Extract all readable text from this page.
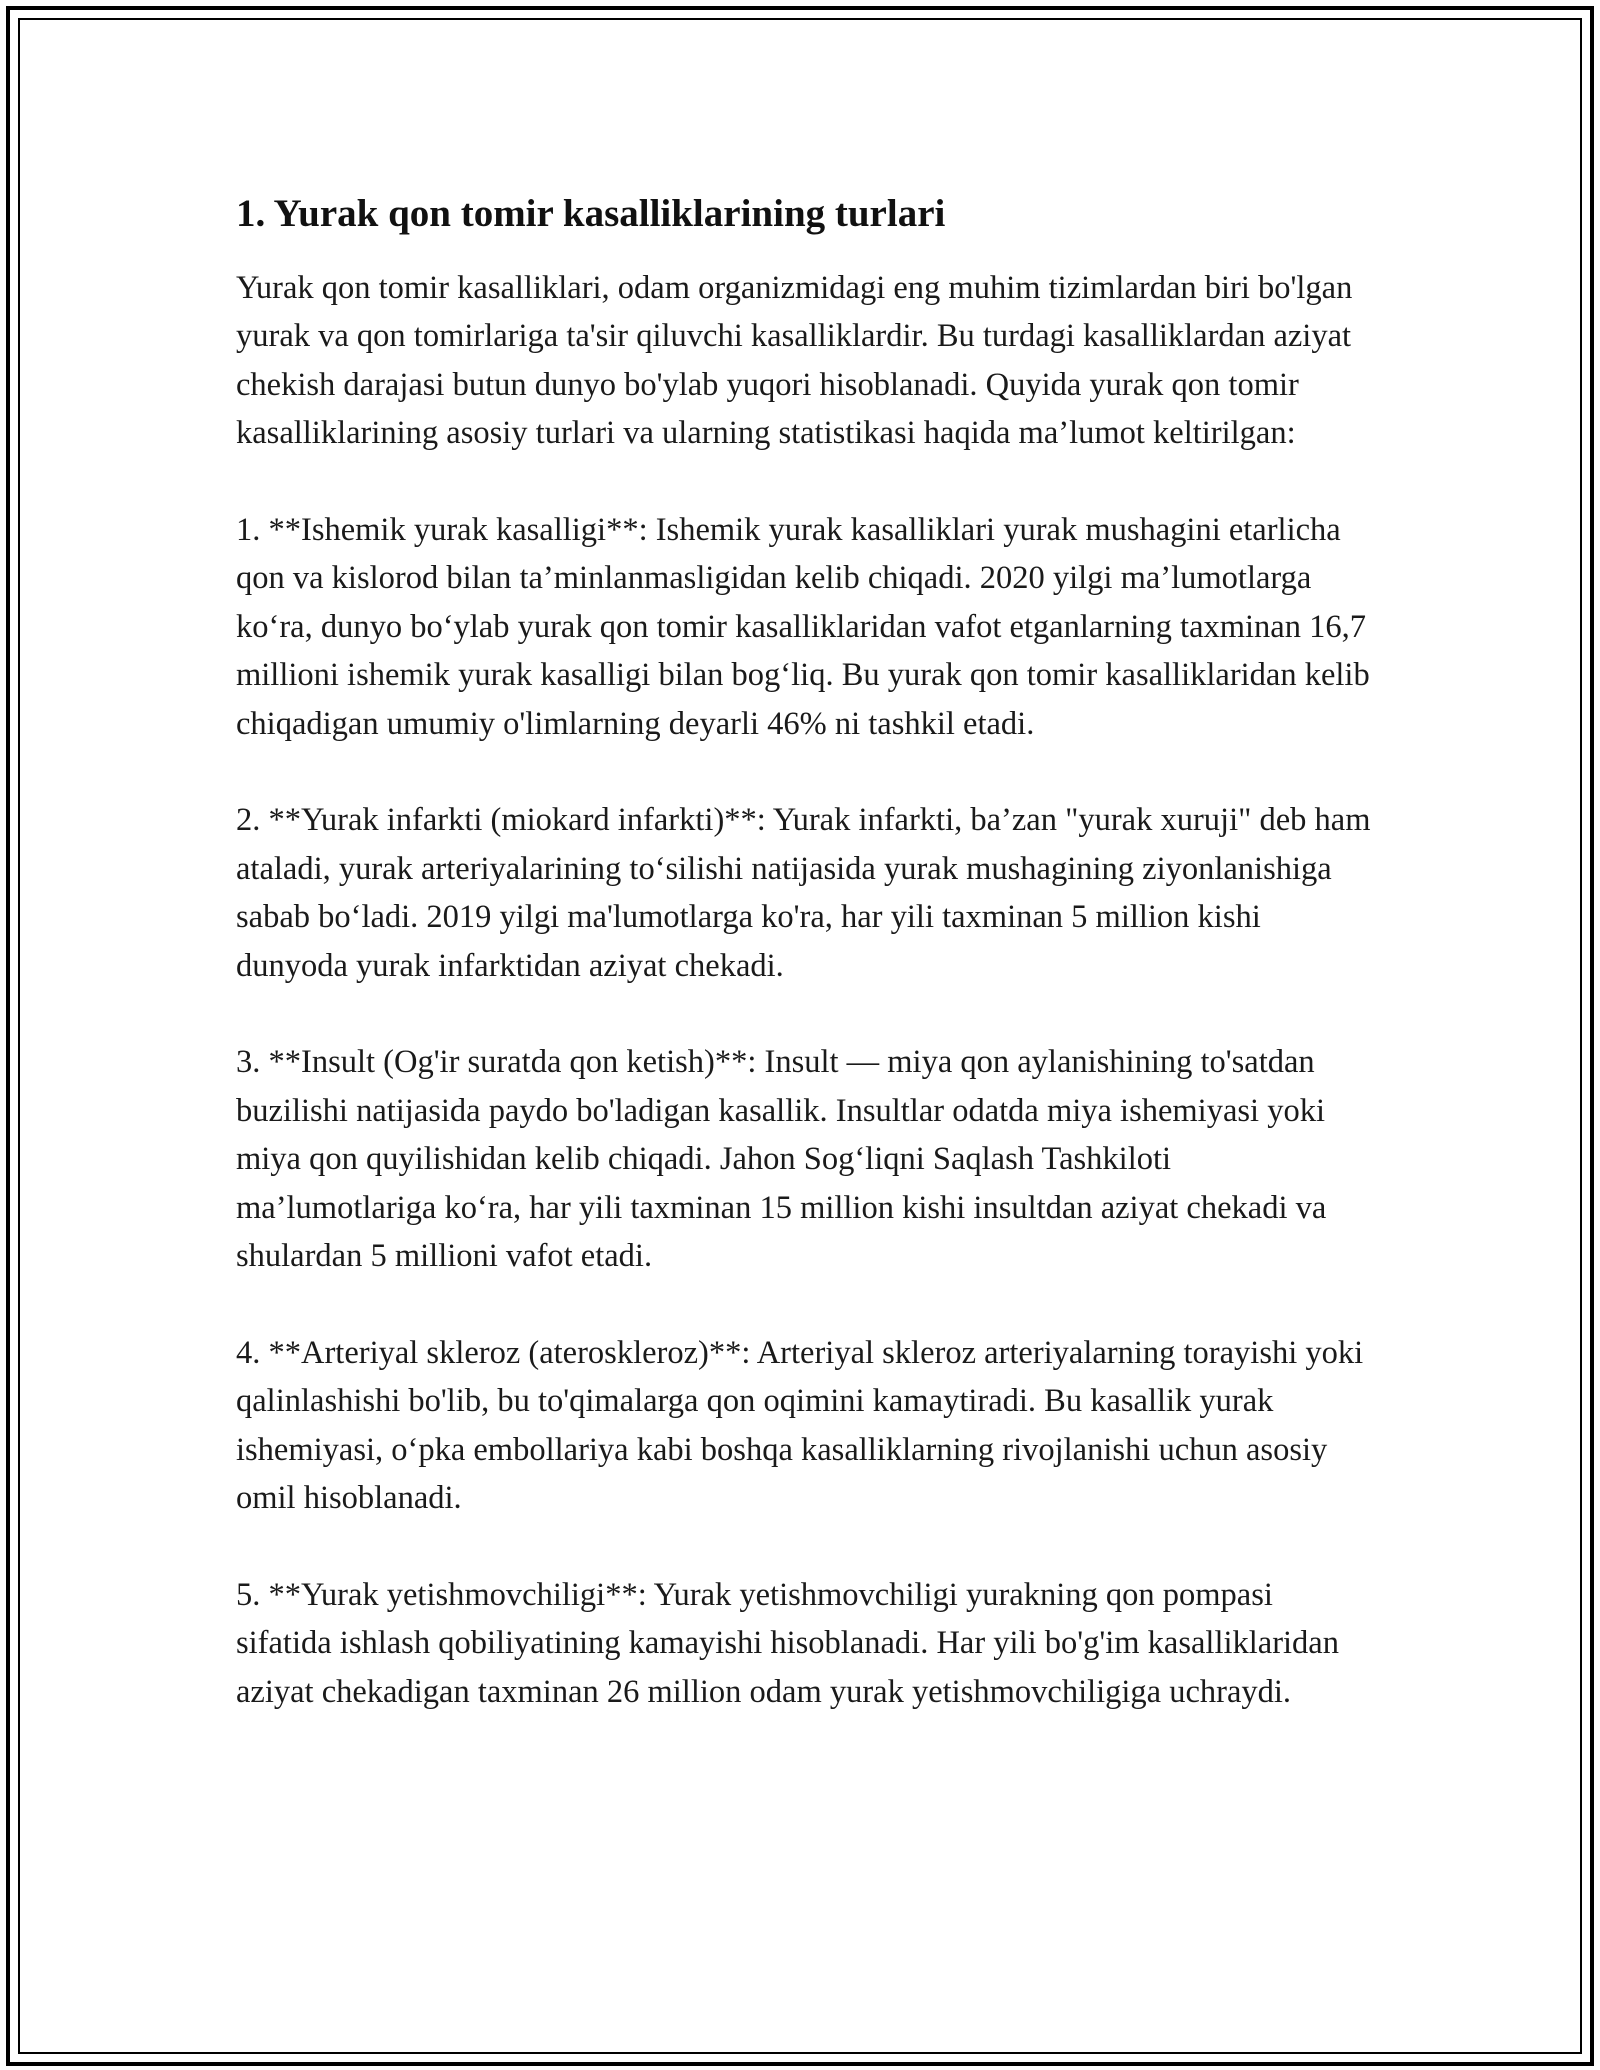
1. Yurak qon tomir kasalliklarining turlari

Yurak qon tomir kasalliklari, odam organizmidagi eng muhim tizimlardan biri bo'lgan yurak va qon tomirlariga ta'sir qiluvchi kasalliklardir. Bu turdagi kasalliklardan aziyat chekish darajasi butun dunyo bo'ylab yuqori hisoblanadi. Quyida yurak qon tomir kasalliklarining asosiy turlari va ularning statistikasi haqida ma’lumot keltirilgan:

1. **Ishemik yurak kasalligi**: Ishemik yurak kasalliklari yurak mushagini etarlicha qon va kislorod bilan ta’minlanmasligidan kelib chiqadi. 2020 yilgi ma’lumotlarga ko‘ra, dunyo bo‘ylab yurak qon tomir kasalliklaridan vafot etganlarning taxminan 16,7 millioni ishemik yurak kasalligi bilan bog‘liq. Bu yurak qon tomir kasalliklaridan kelib chiqadigan umumiy o'limlarning deyarli 46% ni tashkil etadi.

2. **Yurak infarkti (miokard infarkti)**: Yurak infarkti, ba’zan "yurak xuruji" deb ham ataladi, yurak arteriyalarining to‘silishi natijasida yurak mushagining ziyonlanishiga sabab bo‘ladi. 2019 yilgi ma'lumotlarga ko'ra, har yili taxminan 5 million kishi dunyoda yurak infarktidan aziyat chekadi.

3. **Insult (Og'ir suratda qon ketish)**: Insult — miya qon aylanishining to'satdan buzilishi natijasida paydo bo'ladigan kasallik. Insultlar odatda miya ishemiyasi yoki miya qon quyilishidan kelib chiqadi. Jahon Sog‘liqni Saqlash Tashkiloti ma’lumotlariga ko‘ra, har yili taxminan 15 million kishi insultdan aziyat chekadi va shulardan 5 millioni vafot etadi.

4. **Arteriyal skleroz (ateroskleroz)**: Arteriyal skleroz arteriyalarning torayishi yoki qalinlashishi bo'lib, bu to'qimalarga qon oqimini kamaytiradi. Bu kasallik yurak ishemiyasi, o‘pka embollariya kabi boshqa kasalliklarning rivojlanishi uchun asosiy omil hisoblanadi.

5. **Yurak yetishmovchiligi**: Yurak yetishmovchiligi yurakning qon pompasi sifatida ishlash qobiliyatining kamayishi hisoblanadi. Har yili bo'g'im kasalliklaridan aziyat chekadigan taxminan 26 million odam yurak yetishmovchiligiga uchraydi.
